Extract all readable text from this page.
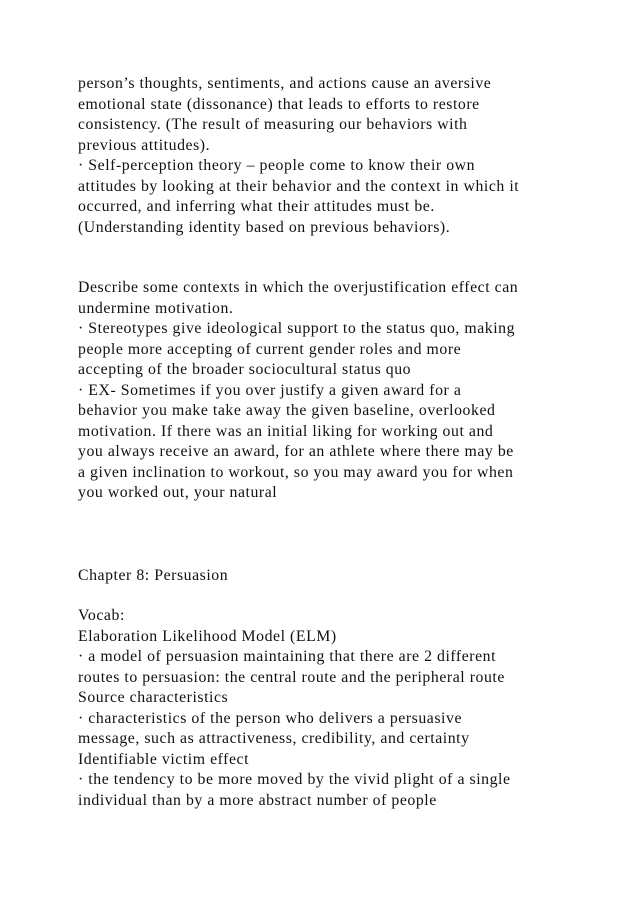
person’s thoughts, sentiments, and actions cause an aversive
emotional state (dissonance) that leads to efforts to restore
consistency. (The result of measuring our behaviors with
previous attitudes).
· Self-perception theory – people come to know their own
attitudes by looking at their behavior and the context in which it
occurred, and inferring what their attitudes must be.
(Understanding identity based on previous behaviors).
Describe some contexts in which the overjustification effect can
undermine motivation.
· Stereotypes give ideological support to the status quo, making
people more accepting of current gender roles and more
accepting of the broader sociocultural status quo
· EX- Sometimes if you over justify a given award for a
behavior you make take away the given baseline, overlooked
motivation. If there was an initial liking for working out and
you always receive an award, for an athlete where there may be
a given inclination to workout, so you may award you for when
you worked out, your natural
Chapter 8: Persuasion
Vocab:
Elaboration Likelihood Model (ELM)
· a model of persuasion maintaining that there are 2 different
routes to persuasion: the central route and the peripheral route
Source characteristics
· characteristics of the person who delivers a persuasive
message, such as attractiveness, credibility, and certainty
Identifiable victim effect
· the tendency to be more moved by the vivid plight of a single
individual than by a more abstract number of people
